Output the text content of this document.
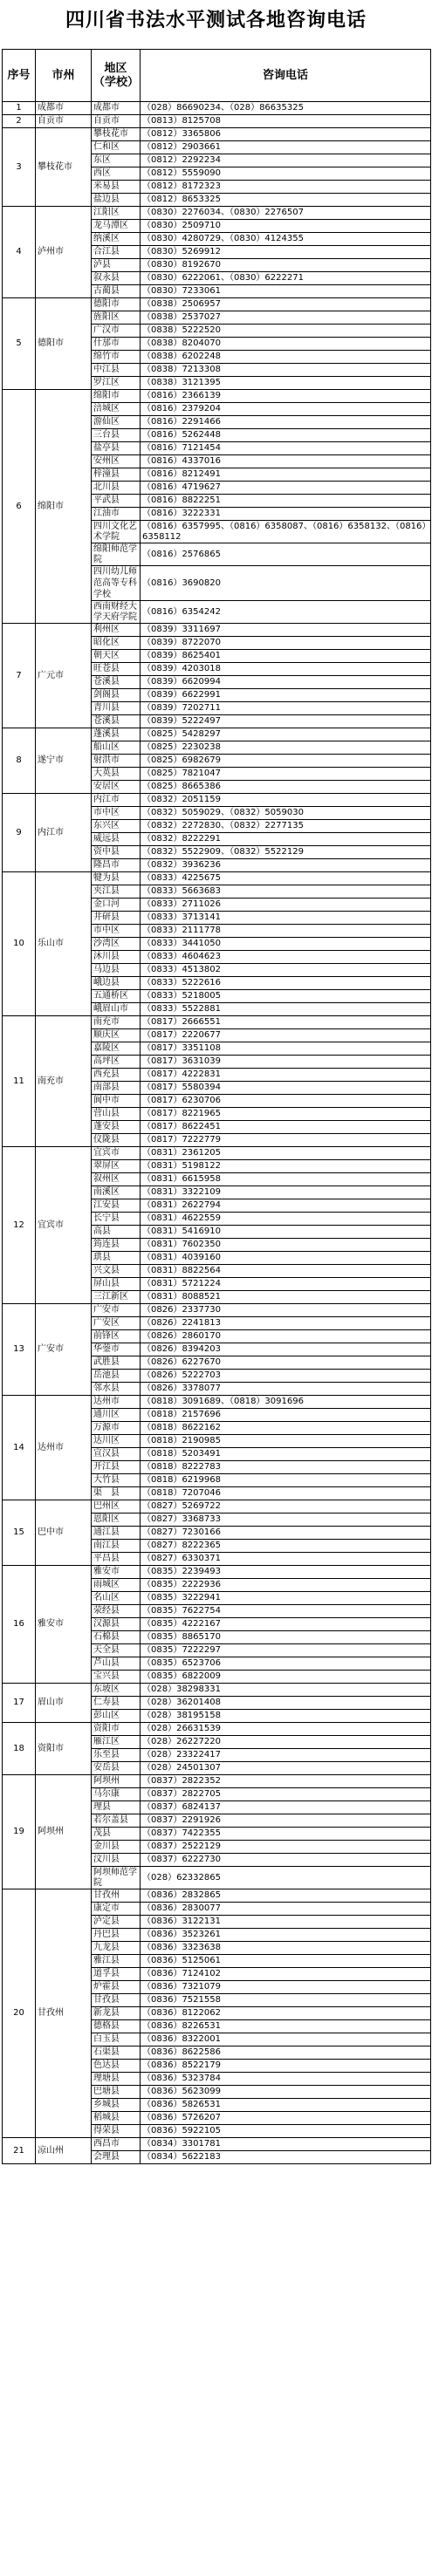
四川省书法水平测试各地咨询电话
序号	市州	地区（学校）	咨询电话
1	成都市	成都市	（028）86690234、（028）86635325
2	自贡市	自贡市	（0813）8125708
3	攀枝花市	攀枝花市	（0812）3365806
		仁和区	（0812）2903661
		东区	（0812）2292234
		西区	（0812）5559090
		米易县	（0812）8172323
		盐边县	（0812）8653325
4	泸州市	江阳区	（0830）2276034、（0830）2276507
		龙马潭区	（0830）2509710
		纳溪区	（0830）4280729、（0830）4124355
		合江县	（0830）5269912
		泸县	（0830）8192670
		叙永县	（0830）6222061、（0830）6222271
		古蔺县	（0830）7233061
5	德阳市	德阳市	（0838）2506957
		旌阳区	（0838）2537027
		广汉市	（0838）5222520
		什邡市	（0838）8204070
		绵竹市	（0838）6202248
		中江县	（0838）7213308
		罗江区	（0838）3121395
6	绵阳市	绵阳市	（0816）2366139
		涪城区	（0816）2379204
		游仙区	（0816）2291466
		三台县	（0816）5262448
		盐亭县	（0816）7121454
		安州区	（0816）4337016
		梓潼县	（0816）8212491
		北川县	（0816）4719627
		平武县	（0816）8822251
		江油市	（0816）3222331
		四川文化艺术学院	（0816）6357995、（0816）6358087、（0816）6358132、（0816）6358112
		绵阳师范学院	（0816）2576865
		四川幼儿师范高等专科学校	（0816）3690820
		西南财经大学天府学院	（0816）6354242
7	广元市	利州区	（0839）3311697
		昭化区	（0839）8722070
		朝天区	（0839）8625401
		旺苍县	（0839）4203018
		苍溪县	（0839）6620994
		剑阁县	（0839）6622991
		青川县	（0839）7202711
		苍溪县	（0839）5222497
8	遂宁市	蓬溪县	（0825）5428297
		船山区	（0825）2230238
		射洪市	（0825）6982679
		大英县	（0825）7821047
		安居区	（0825）8665386
9	内江市	内江市	（0832）2051159
		市中区	（0832）5059029、（0832）5059030
		东兴区	（0832）2272830、（0832）2277135
		威远县	（0832）8222291
		资中县	（0832）5522909、（0832）5522129
		隆昌市	（0832）3936236
10	乐山市	犍为县	（0833）4225675
		夹江县	（0833）5663683
		金口河	（0833）2711026
		井研县	（0833）3713141
		市中区	（0833）2111778
		沙湾区	（0833）3441050
		沐川县	（0833）4604623
		马边县	（0833）4513802
		峨边县	（0833）5222616
		五通桥区	（0833）5218005
		峨眉山市	（0833）5522881
11	南充市	南充市	（0817）2666551
		顺庆区	（0817）2220677
		嘉陵区	（0817）3351108
		高坪区	（0817）3631039
		西充县	（0817）4222831
		南部县	（0817）5580394
		阆中市	（0817）6230706
		营山县	（0817）8221965
		蓬安县	（0817）8622451
		仪陇县	（0817）7222779
12	宜宾市	宜宾市	（0831）2361205
		翠屏区	（0831）5198122
		叙州区	（0831）6615958
		南溪区	（0831）3322109
		江安县	（0831）2622794
		长宁县	（0831）4622559
		高县	（0831）5416910
		筠连县	（0831）7602350
		珙县	（0831）4039160
		兴文县	（0831）8822564
		屏山县	（0831）5721224
		三江新区	（0831）8088521
13	广安市	广安市	（0826）2337730
		广安区	（0826）2241813
		前锋区	（0826）2860170
		华蓥市	（0826）8394203
		武胜县	（0826）6227670
		岳池县	（0826）5222703
		邻水县	（0826）3378077
14	达州市	达州市	（0818）3091689、（0818）3091696
		通川区	（0818）2157696
		万源市	（0818）8622162
		达川区	（0818）2190985
		宣汉县	（0818）5203491
		开江县	（0818）8222783
		大竹县	（0818）6219968
		渠　县	（0818）7207046
15	巴中市	巴州区	（0827）5269722
		恩阳区	（0827）3368733
		通江县	（0827）7230166
		南江县	（0827）8222365
		平昌县	（0827）6330371
16	雅安市	雅安市	（0835）2239493
		雨城区	（0835）2222936
		名山区	（0835）3222941
		荥经县	（0835）7622754
		汉源县	（0835）4222167
		石棉县	（0835）8865170
		天全县	（0835）7222297
		芦山县	（0835）6523706
		宝兴县	（0835）6822009
17	眉山市	东坡区	（028）38298331
		仁寿县	（028）36201408
		彭山区	（028）38195158
18	资阳市	资阳市	（028）26631539
		雁江区	（028）26227220
		乐至县	（028）23322417
		安岳县	（028）24501307
19	阿坝州	阿坝州	（0837）2822352
		马尔康	（0837）2822705
		理县	（0837）6824137
		若尔盖县	（0837）2291926
		茂县	（0837）7422355
		金川县	（0837）2522129
		汶川县	（0837）6222730
		阿坝师范学院	（028）62332865
20	甘孜州	甘孜州	（0836）2832865
		康定市	（0836）2830077
		泸定县	（0836）3122131
		丹巴县	（0836）3523261
		九龙县	（0836）3323638
		雅江县	（0836）5125061
		道孚县	（0836）7124102
		炉霍县	（0836）7321079
		甘孜县	（0836）7521558
		新龙县	（0836）8122062
		德格县	（0836）8226531
		白玉县	（0836）8322001
		石渠县	（0836）8622586
		色达县	（0836）8522179
		理塘县	（0836）5323784
		巴塘县	（0836）5623099
		乡城县	（0836）5826531
		稻城县	（0836）5726207
		得荣县	（0836）5922105
21	凉山州	西昌市	（0834）3301781
		会理县	（0834）5622183
